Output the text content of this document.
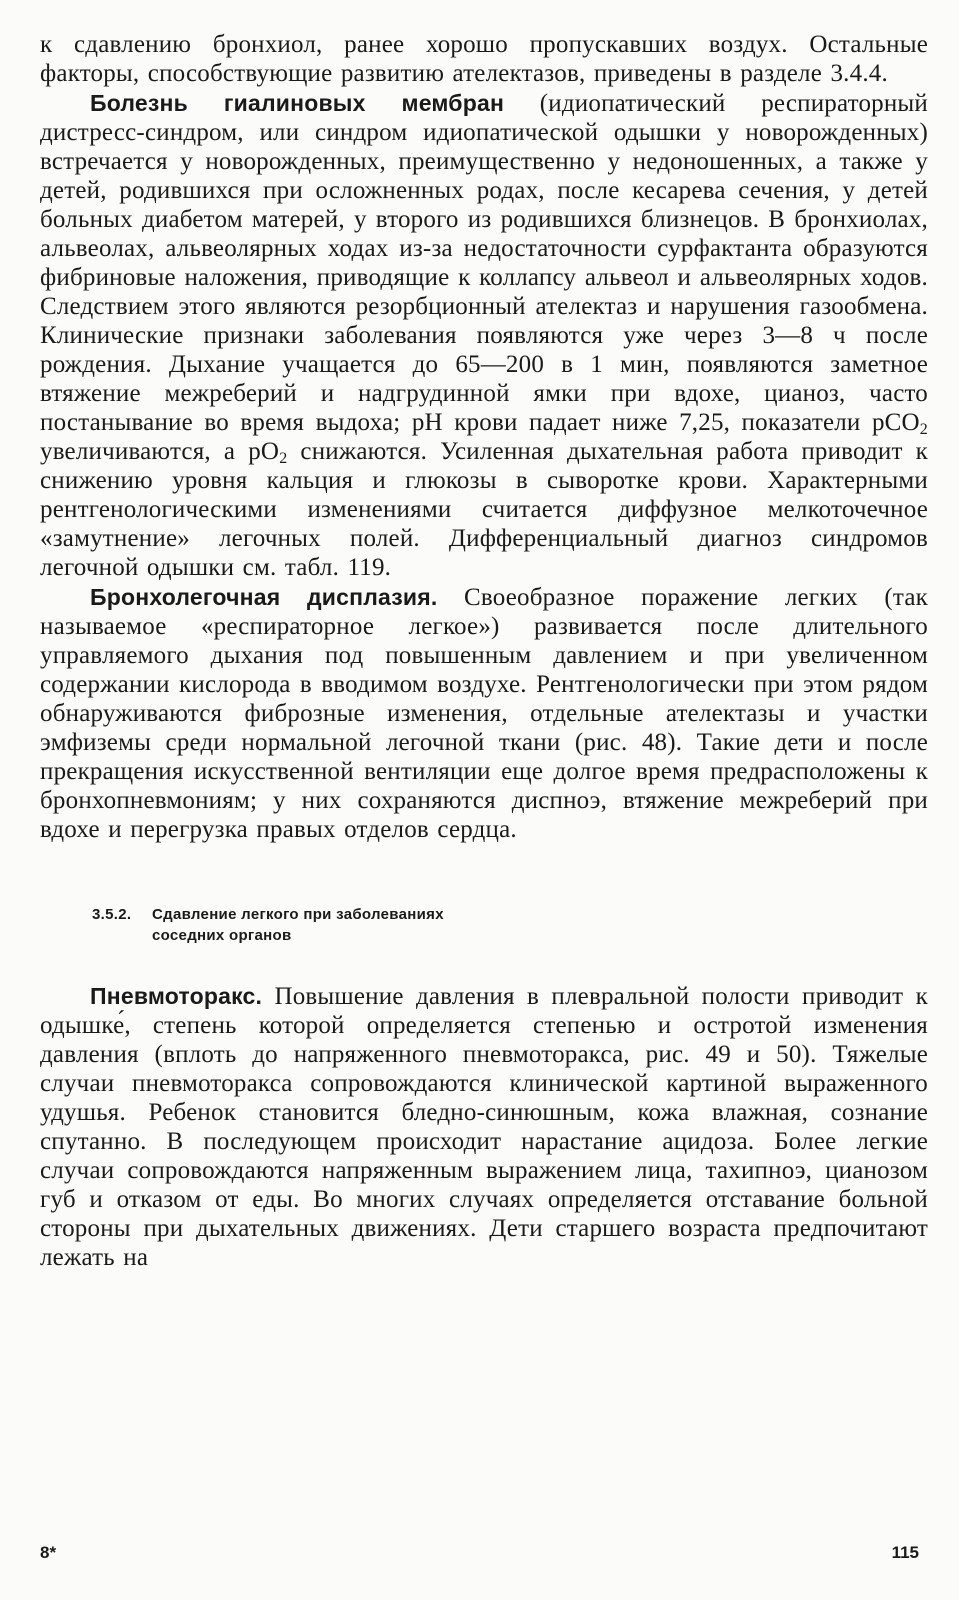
к сдавлению бронхиол, ранее хорошо пропускавших воздух. Остальные факторы, способствующие развитию ателектазов, приведены в разделе 3.4.4.

Болезнь гиалиновых мембран (идиопатический респираторный дистресс-синдром, или синдром идиопатической одышки у новорожденных) встречается у новорожденных, преимущественно у недоношенных, а также у детей, родившихся при осложненных родах, после кесарева сечения, у детей больных диабетом матерей, у второго из родившихся близнецов. В бронхиолах, альвеолах, альвеолярных ходах из-за недостаточности сурфактанта образуются фибриновые наложения, приводящие к коллапсу альвеол и альвеолярных ходов. Следствием этого являются резорбционный ателектаз и нарушения газообмена. Клинические признаки заболевания появляются уже через 3—8 ч после рождения. Дыхание учащается до 65—200 в 1 мин, появляются заметное втяжение межреберий и надгрудинной ямки при вдохе, цианоз, часто постанывание во время выдоха; pH крови падает ниже 7,25, показатели pCO$_2$ увеличиваются, а $pO_2$ снижаются. Усиленная дыхательная работа приводит к снижению уровня кальция и глюкозы в сыворотке крови. Характерными рентгенологическими изменениями считается диффузное мелкоточечное «замутнение» легочных полей. Дифференциальный диагноз синдромов легочной одышки см. табл. 119.

Бронхолегочная дисплазия. Своеобразное поражение легких (так называемое «респираторное легкое») развивается после длительного управляемого дыхания под повышенным давлением и при увеличенном содержании кислорода в вводимом воздухе. Рентгенологически при этом рядом обнаруживаются фиброзные изменения, отдельные ателектазы и участки эмфиземы среди нормальной легочной ткани (рис. 48). Такие дети и после прекращения искусственной вентиляции еще долгое время предрасположены к бронхопневмониям; у них сохраняются диспноэ, втяжение межреберий при вдохе и перегрузка правых отделов сердца.

3.5.2. Сдавление легкого при заболеваниях
соседних органов

Пневмоторакс. Повышение давления в плевральной полости приводит к одышке́, степень которой определяется степенью и остротой изменения давления (вплоть до напряженного пневмоторакса, рис. 49 и 50). Тяжелые случаи пневмоторакса сопровождаются клинической картиной выраженного удушья. Ребенок становится бледно-синюшным, кожа влажная, сознание спутанно. В последующем происходит нарастание ацидоза. Более легкие случаи сопровождаются напряженным выражением лица, тахипноэ, цианозом губ и отказом от еды. Во многих случаях определяется отставание больной стороны при дыхательных движениях. Дети старшего возраста предпочитают лежать на

8*	115
